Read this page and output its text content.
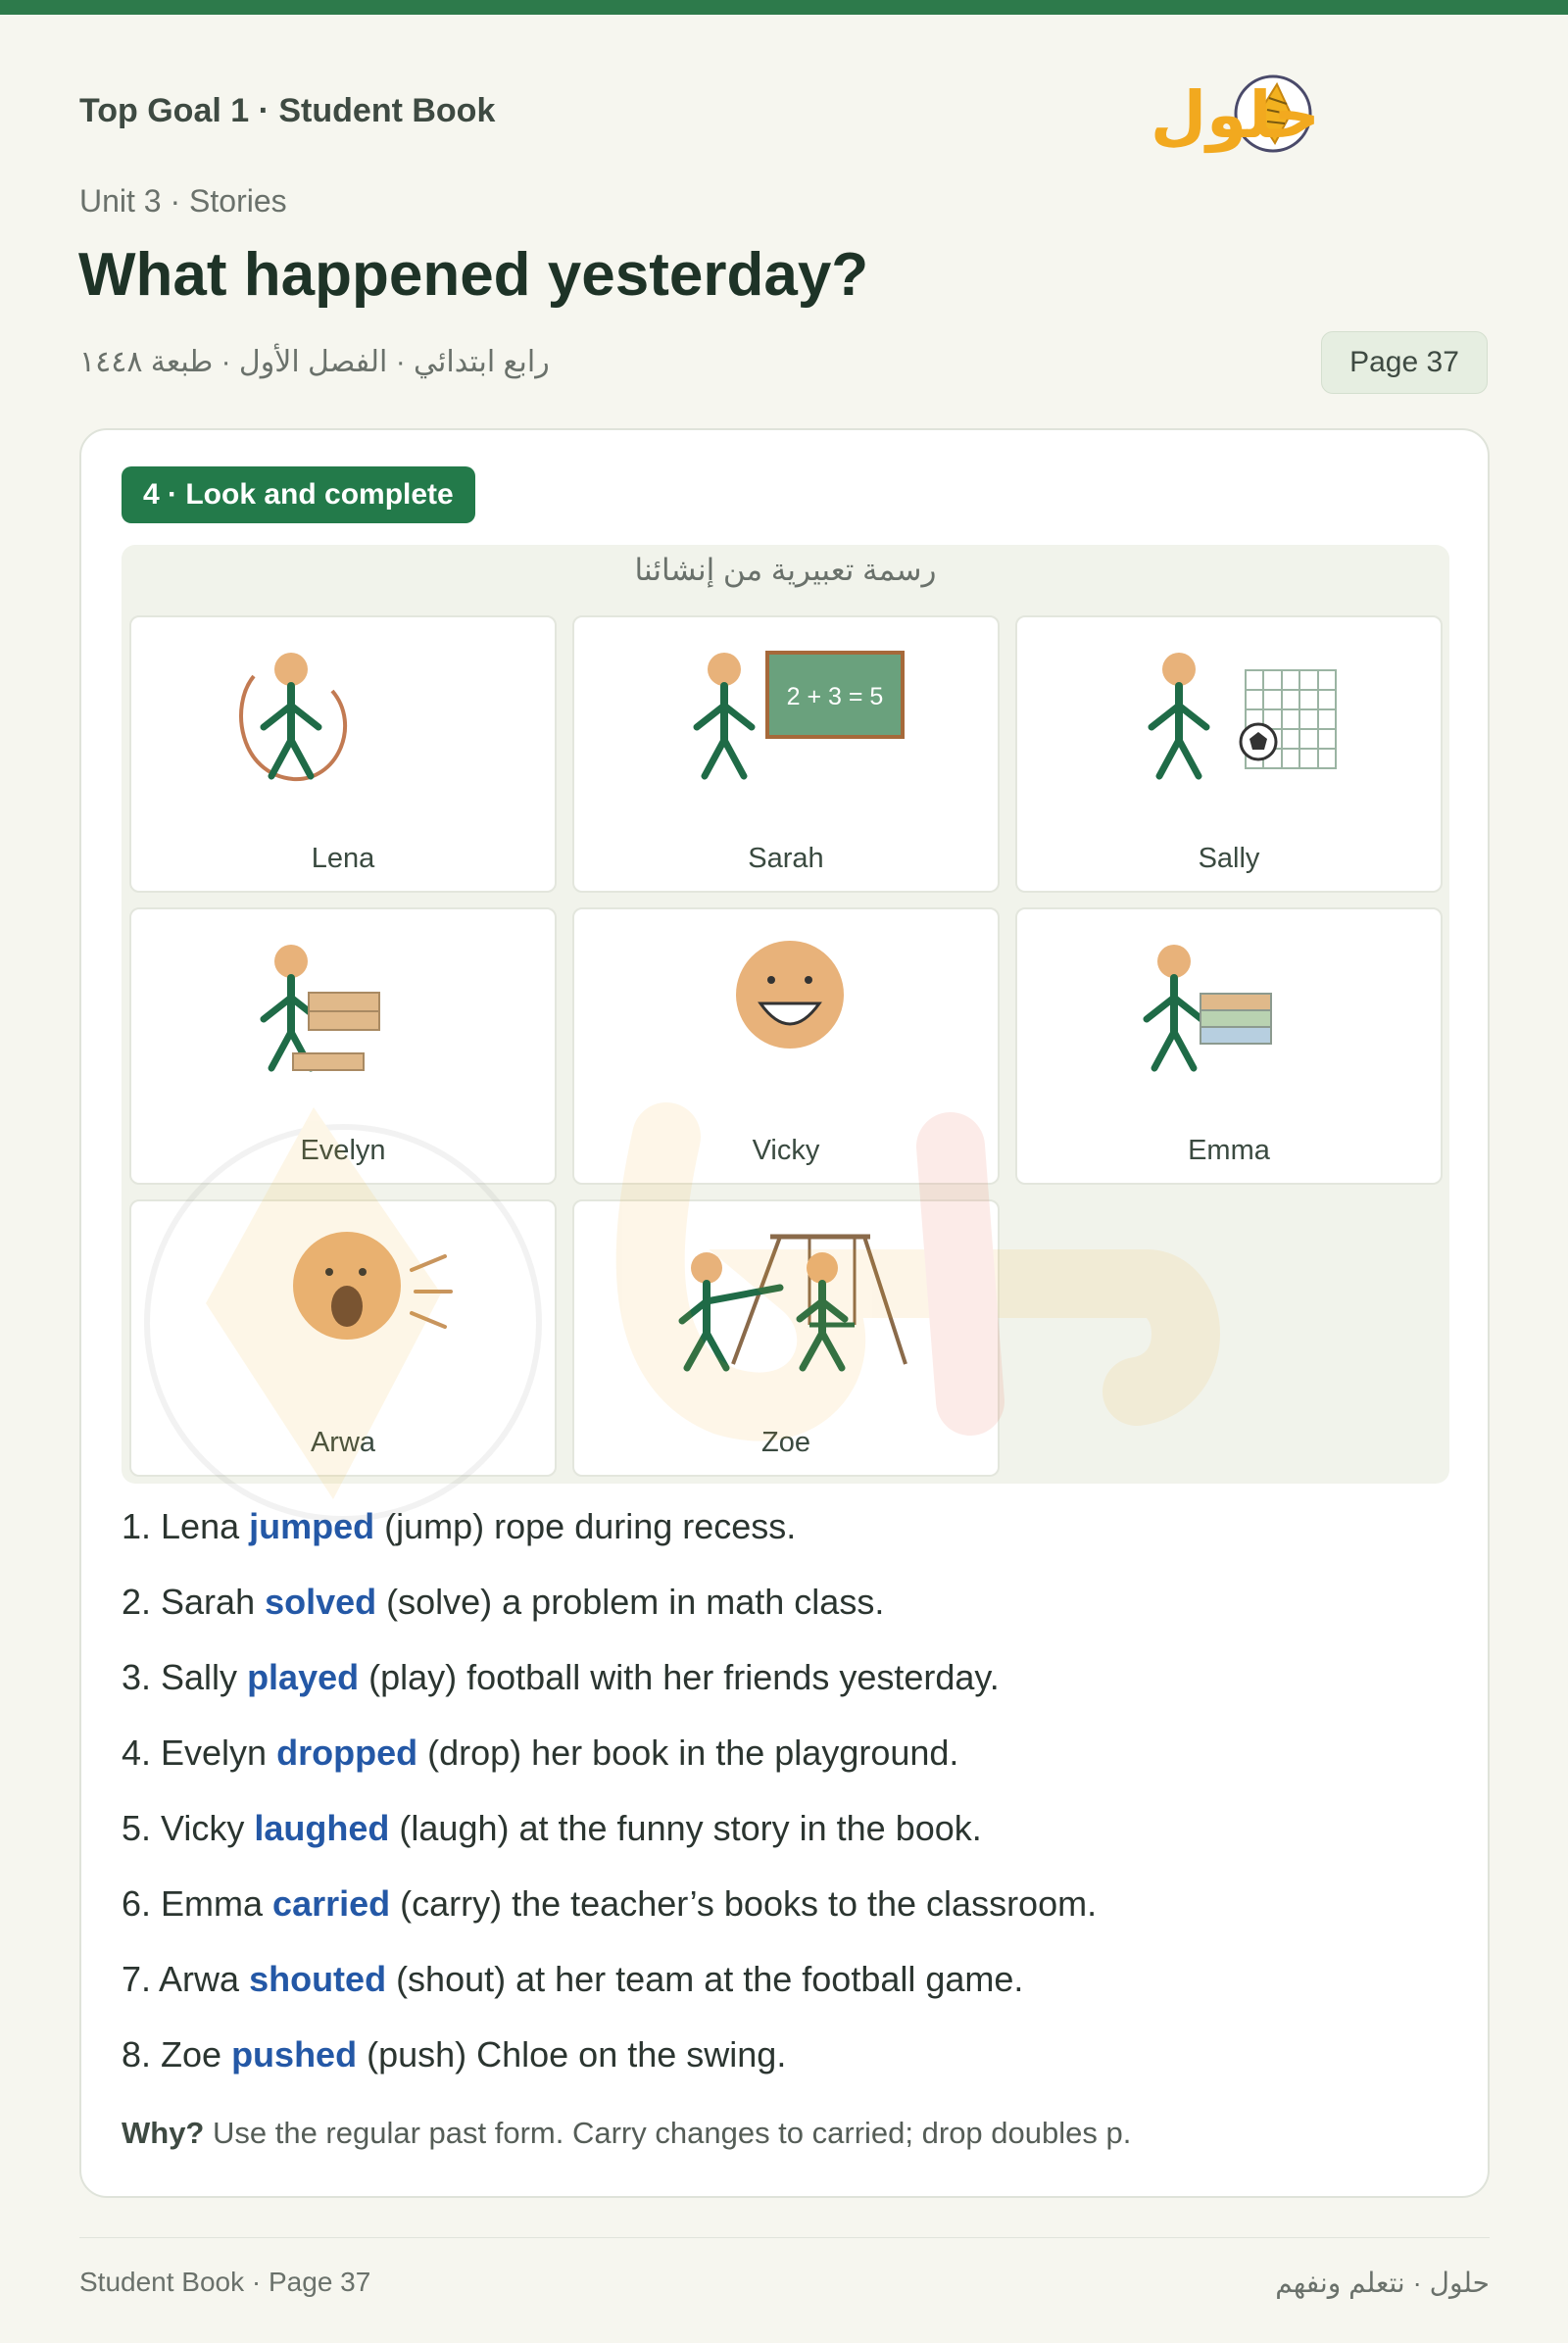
Top Goal 1 · Student Book	حلول
Unit 3 · Stories
What happened yesterday?
رابع ابتدائي · الفصل الأول · طبعة ١٤٤٨	Page 37
4 · Look and complete
رسمة تعبيرية من إنشائنا
Lena
2 + 3 = 5
Sarah	Sally
Evelyn	Vicky	Emma
Arwa	Zoe
1. Lena jumped (jump) rope during recess.
2. Sarah solved (solve) a problem in math class.
3. Sally played (play) football with her friends yesterday.
4. Evelyn dropped (drop) her book in the playground.
5. Vicky laughed (laugh) at the funny story in the book.
6. Emma carried (carry) the teacher’s books to the classroom.
7. Arwa shouted (shout) at her team at the football game.
8. Zoe pushed (push) Chloe on the swing.
Why? Use the regular past form. Carry changes to carried; drop doubles p.
Student Book · Page 37	حلول · نتعلم ونفهم
